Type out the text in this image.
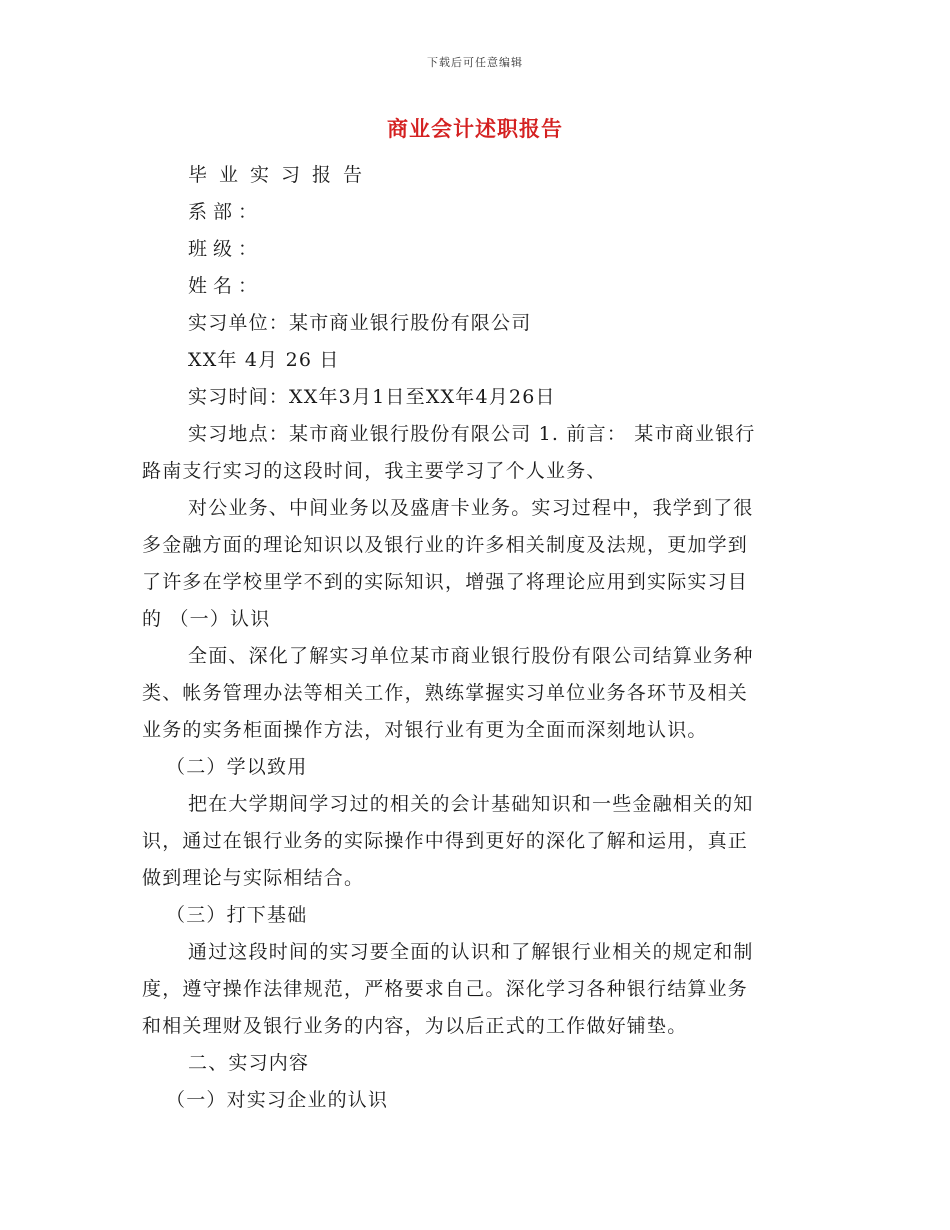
下载后可任意编辑
商业会计述职报告
毕业实习报告
系部：
班级：
姓名：
实习单位：某市商业银行股份有限公司
XX年 4月 26 日
实习时间：XX年3月1日至XX年4月26日
实习地点：某市商业银行股份有限公司 1. 前言： 某市商业银行
路南支行实习的这段时间，我主要学习了个人业务、
对公业务、中间业务以及盛唐卡业务。实习过程中，我学到了很
多金融方面的理论知识以及银行业的许多相关制度及法规，更加学到
了许多在学校里学不到的实际知识，增强了将理论应用到实际实习目
的 （一）认识
全面、深化了解实习单位某市商业银行股份有限公司结算业务种
类、帐务管理办法等相关工作，熟练掌握实习单位业务各环节及相关
业务的实务柜面操作方法，对银行业有更为全面而深刻地认识。
（二）学以致用
把在大学期间学习过的相关的会计基础知识和一些金融相关的知
识，通过在银行业务的实际操作中得到更好的深化了解和运用，真正
做到理论与实际相结合。
（三）打下基础
通过这段时间的实习要全面的认识和了解银行业相关的规定和制
度，遵守操作法律规范，严格要求自己。深化学习各种银行结算业务
和相关理财及银行业务的内容，为以后正式的工作做好铺垫。
二、实习内容
（一）对实习企业的认识
